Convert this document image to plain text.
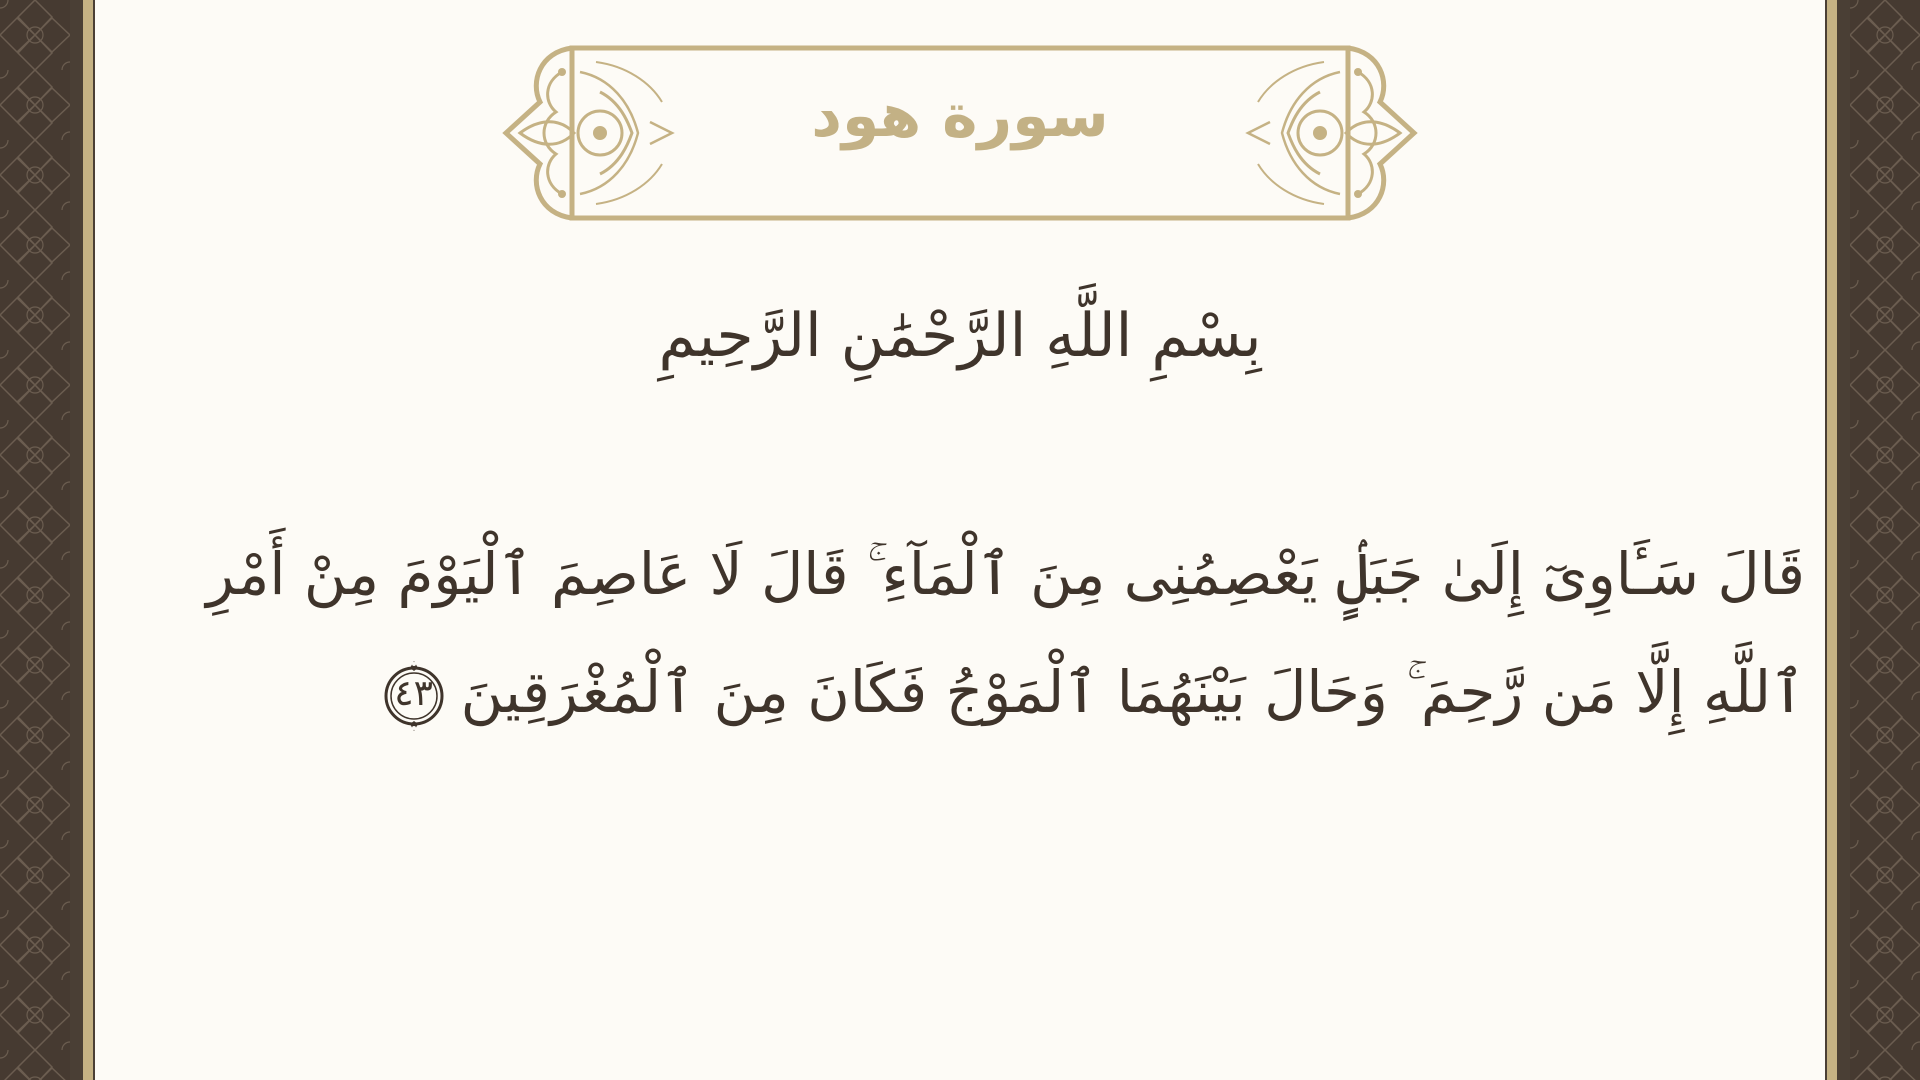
سورة هود
بِسْمِ اللَّهِ الرَّحْمَٰنِ الرَّحِيمِ
قَالَ سَـَٔاوِىٓ إِلَىٰ جَبَلٍۢ يَعْصِمُنِى مِنَ ٱلْمَآءِ ۚ قَالَ لَا عَاصِمَ ٱلْيَوْمَ مِنْ أَمْرِ
ٱللَّهِ إِلَّا مَن رَّحِمَ ۚ وَحَالَ بَيْنَهُمَا ٱلْمَوْجُ فَكَانَ مِنَ ٱلْمُغْرَقِينَ
٤٣
